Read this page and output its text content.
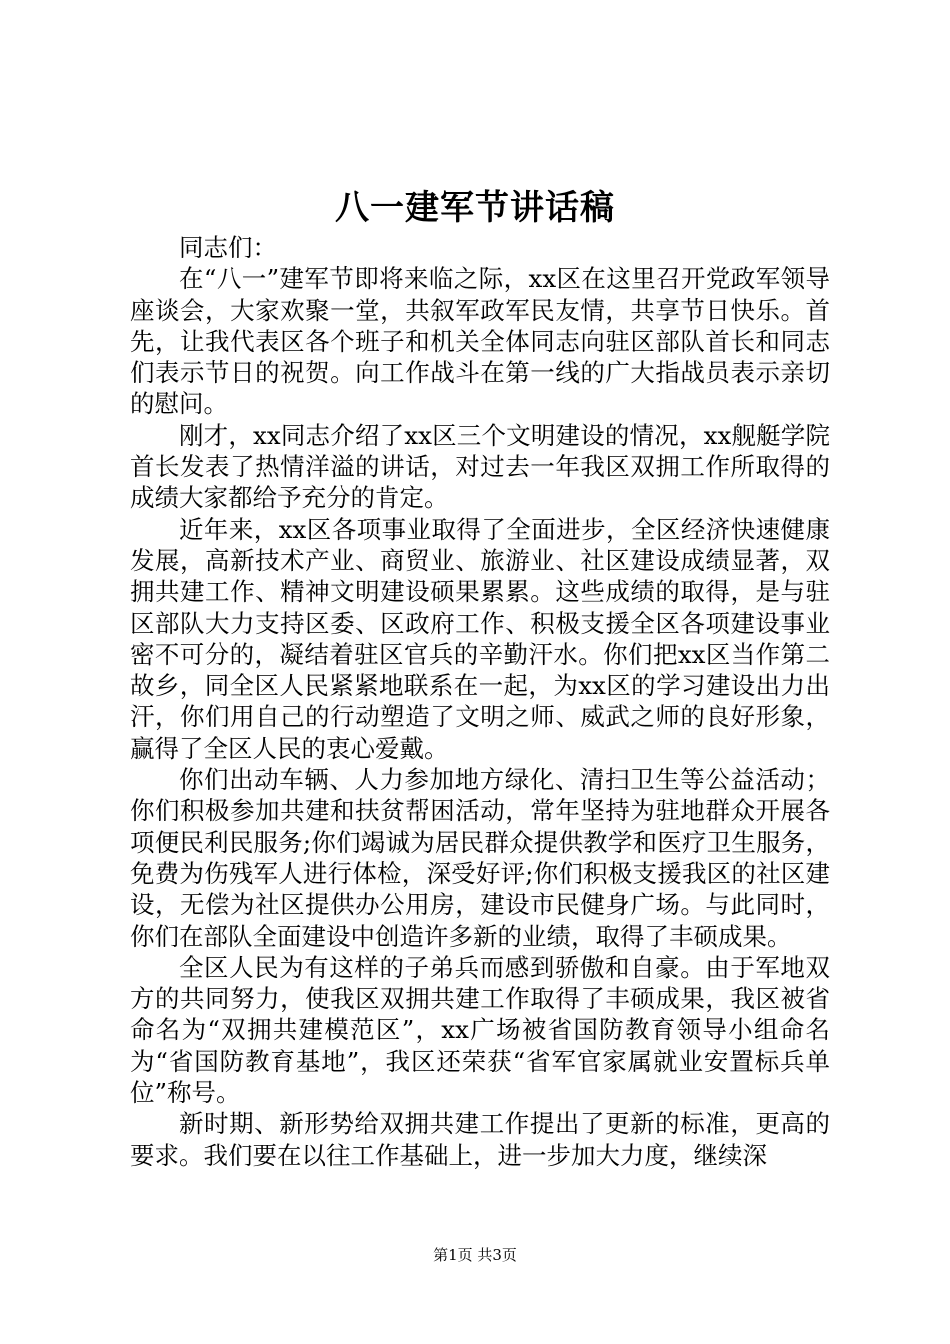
八一建军节讲话稿

同志们：

在“八一”建军节即将来临之际，xx区在这里召开党政军领导座谈会，大家欢聚一堂，共叙军政军民友情，共享节日快乐。首先，让我代表区各个班子和机关全体同志向驻区部队首长和同志们表示节日的祝贺。向工作战斗在第一线的广大指战员表示亲切的慰问。

刚才，xx同志介绍了xx区三个文明建设的情况，xx舰艇学院首长发表了热情洋溢的讲话，对过去一年我区双拥工作所取得的成绩大家都给予充分的肯定。

近年来，xx区各项事业取得了全面进步，全区经济快速健康发展，高新技术产业、商贸业、旅游业、社区建设成绩显著，双拥共建工作、精神文明建设硕果累累。这些成绩的取得，是与驻区部队大力支持区委、区政府工作、积极支援全区各项建设事业密不可分的，凝结着驻区官兵的辛勤汗水。你们把xx区当作第二故乡，同全区人民紧紧地联系在一起，为xx区的学习建设出力出汗，你们用自己的行动塑造了文明之师、威武之师的良好形象，赢得了全区人民的衷心爱戴。

你们出动车辆、人力参加地方绿化、清扫卫生等公益活动；你们积极参加共建和扶贫帮困活动，常年坚持为驻地群众开展各项便民利民服务;你们竭诚为居民群众提供教学和医疗卫生服务，免费为伤残军人进行体检，深受好评;你们积极支援我区的社区建设，无偿为社区提供办公用房，建设市民健身广场。与此同时，你们在部队全面建设中创造许多新的业绩，取得了丰硕成果。

全区人民为有这样的子弟兵而感到骄傲和自豪。由于军地双方的共同努力，使我区双拥共建工作取得了丰硕成果，我区被省命名为“双拥共建模范区”，xx广场被省国防教育领导小组命名为“省国防教育基地”，我区还荣获“省军官家属就业安置标兵单位”称号。

新时期、新形势给双拥共建工作提出了更新的标准，更高的要求。我们要在以往工作基础上，进一步加大力度，继续深

第1页 共3页
